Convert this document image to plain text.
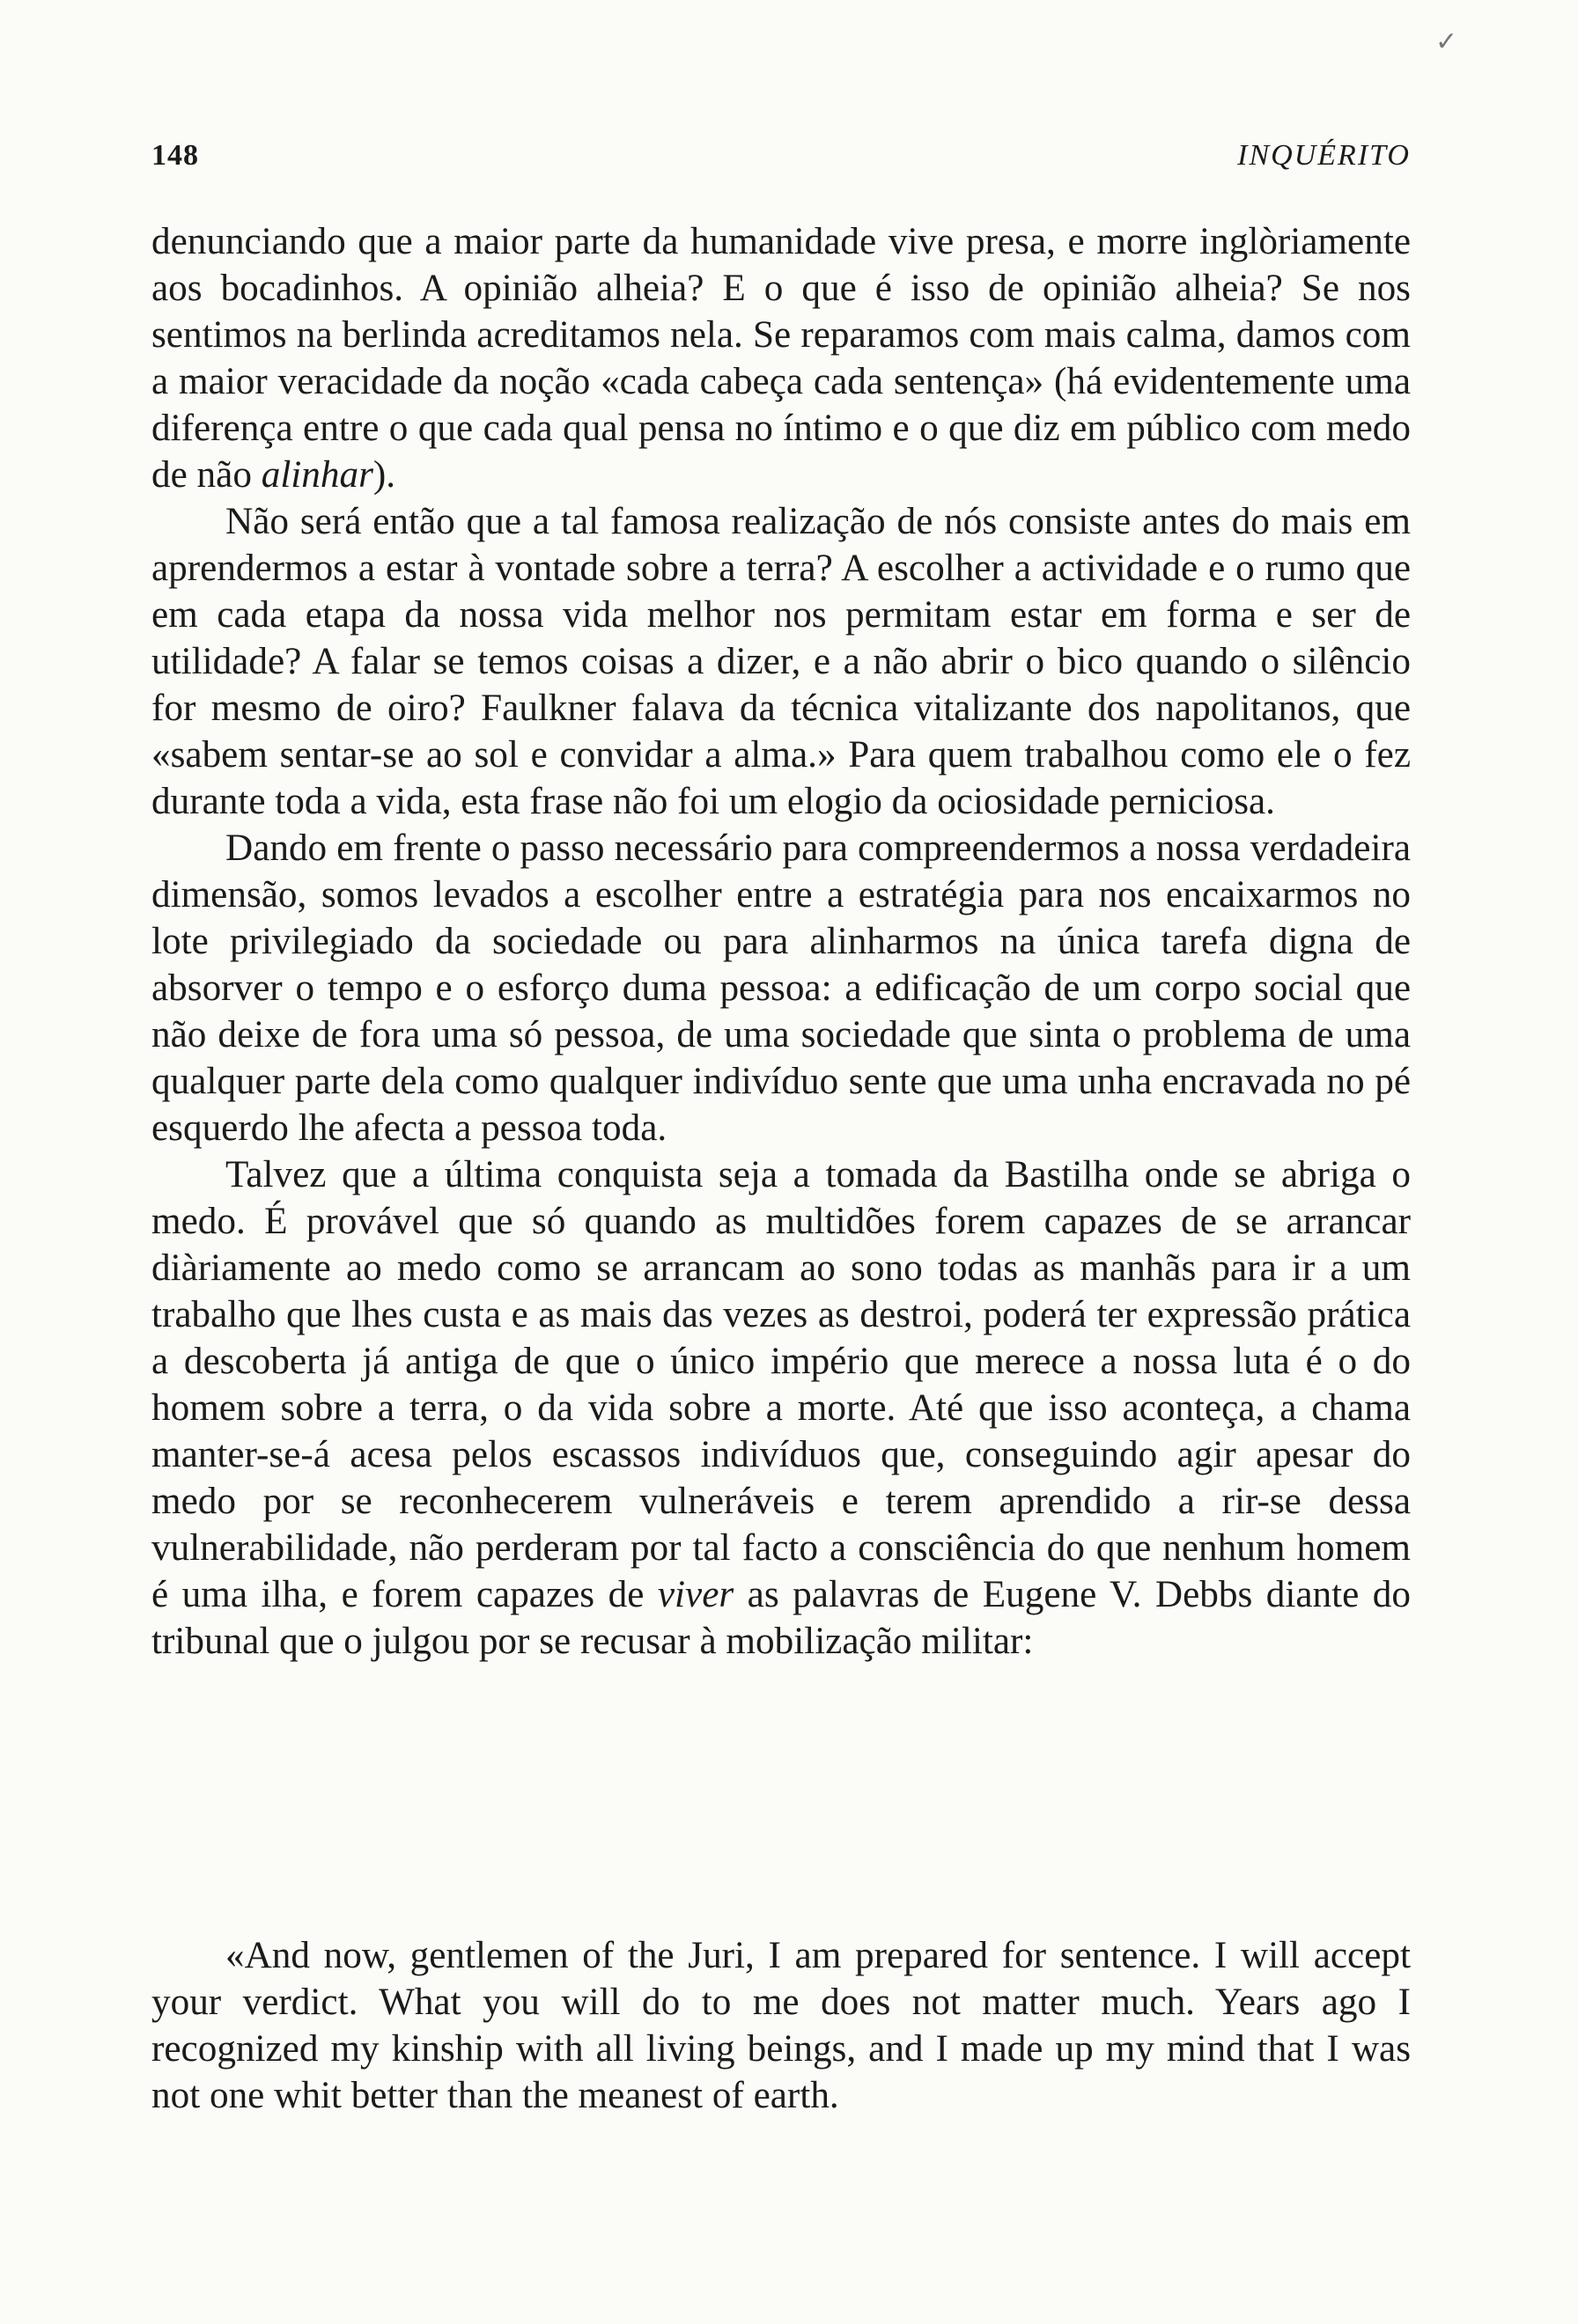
✓
148	INQUÉRITO

denunciando que a maior parte da humanidade vive presa, e morre inglòriamente aos bocadinhos. A opinião alheia? E o que é isso de opinião alheia? Se nos sentimos na berlinda acreditamos nela. Se reparamos com mais calma, damos com a maior veracidade da noção «cada cabeça cada sentença» (há evidentemente uma diferença entre o que cada qual pensa no íntimo e o que diz em público com medo de não alinhar).

Não será então que a tal famosa realização de nós consiste antes do mais em aprendermos a estar à vontade sobre a terra? A escolher a actividade e o rumo que em cada etapa da nossa vida melhor nos permitam estar em forma e ser de utilidade? A falar se temos coisas a dizer, e a não abrir o bico quando o silêncio for mesmo de oiro? Faulkner falava da técnica vitalizante dos napolitanos, que «sabem sentar-se ao sol e convidar a alma.» Para quem trabalhou como ele o fez durante toda a vida, esta frase não foi um elogio da ociosidade perniciosa.

Dando em frente o passo necessário para compreendermos a nossa verdadeira dimensão, somos levados a escolher entre a estratégia para nos encaixarmos no lote privilegiado da sociedade ou para alinharmos na única tarefa digna de absorver o tempo e o esforço duma pessoa: a edificação de um corpo social que não deixe de fora uma só pessoa, de uma sociedade que sinta o problema de uma qualquer parte dela como qualquer indivíduo sente que uma unha encravada no pé esquerdo lhe afecta a pessoa toda.

Talvez que a última conquista seja a tomada da Bastilha onde se abriga o medo. É provável que só quando as multidões forem capazes de se arrancar diàriamente ao medo como se arrancam ao sono todas as manhãs para ir a um trabalho que lhes custa e as mais das vezes as destroi, poderá ter expressão prática a descoberta já antiga de que o único império que merece a nossa luta é o do homem sobre a terra, o da vida sobre a morte. Até que isso aconteça, a chama manter-se-á acesa pelos escassos indivíduos que, conseguindo agir apesar do medo por se reconhecerem vulneráveis e terem aprendido a rir-se dessa vulnerabilidade, não perderam por tal facto a consciência do que nenhum homem é uma ilha, e forem capazes de viver as palavras de Eugene V. Debbs diante do tribunal que o julgou por se recusar à mobilização militar:

«And now, gentlemen of the Juri, I am prepared for sentence. I will accept your verdict. What you will do to me does not matter much. Years ago I recognized my kinship with all living beings, and I made up my mind that I was not one whit better than the meanest of earth.
